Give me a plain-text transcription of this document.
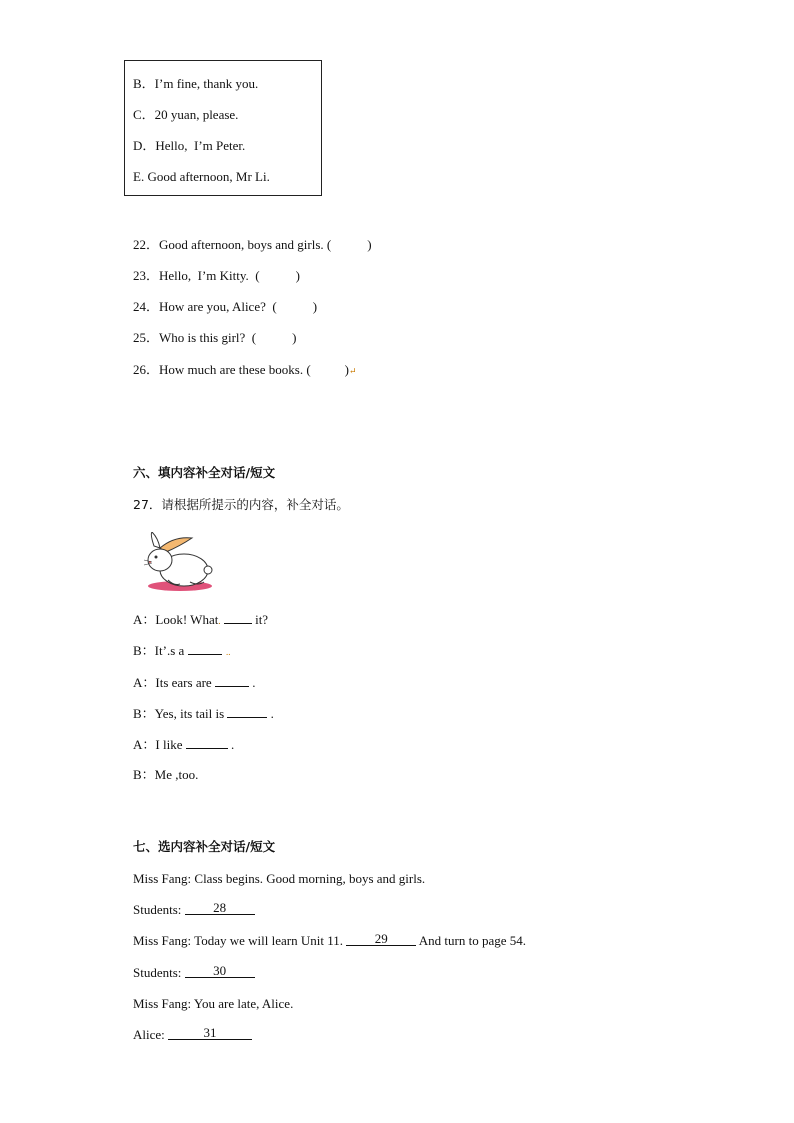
B．I’m fine, thank you.
C．20 yuan, please.
D．Hello,  I’m Peter.
E. Good afternoon, Mr Li.
22．Good afternoon, boys and girls. (	)
23．Hello,  I’m Kitty.  (	)
24．How are you, Alice?  (	)
25．Who is this girl?  (	)
26．How much are these books. (	)↵
六、填内容补全对话/短文
27．请根据所提示的内容，补全对话。
A：Look! What.  it?
B：It’.s a	..
A：Its ears are	.
B：Yes, its tail is	.
A：I like	.
B：Me ,too.
七、选内容补全对话/短文
Miss Fang: Class begins. Good morning, boys and girls.
Students: 28
Miss Fang: Today we will learn Unit 11. 29 And turn to page 54.
Students: 30
Miss Fang: You are late, Alice.
Alice:	31
